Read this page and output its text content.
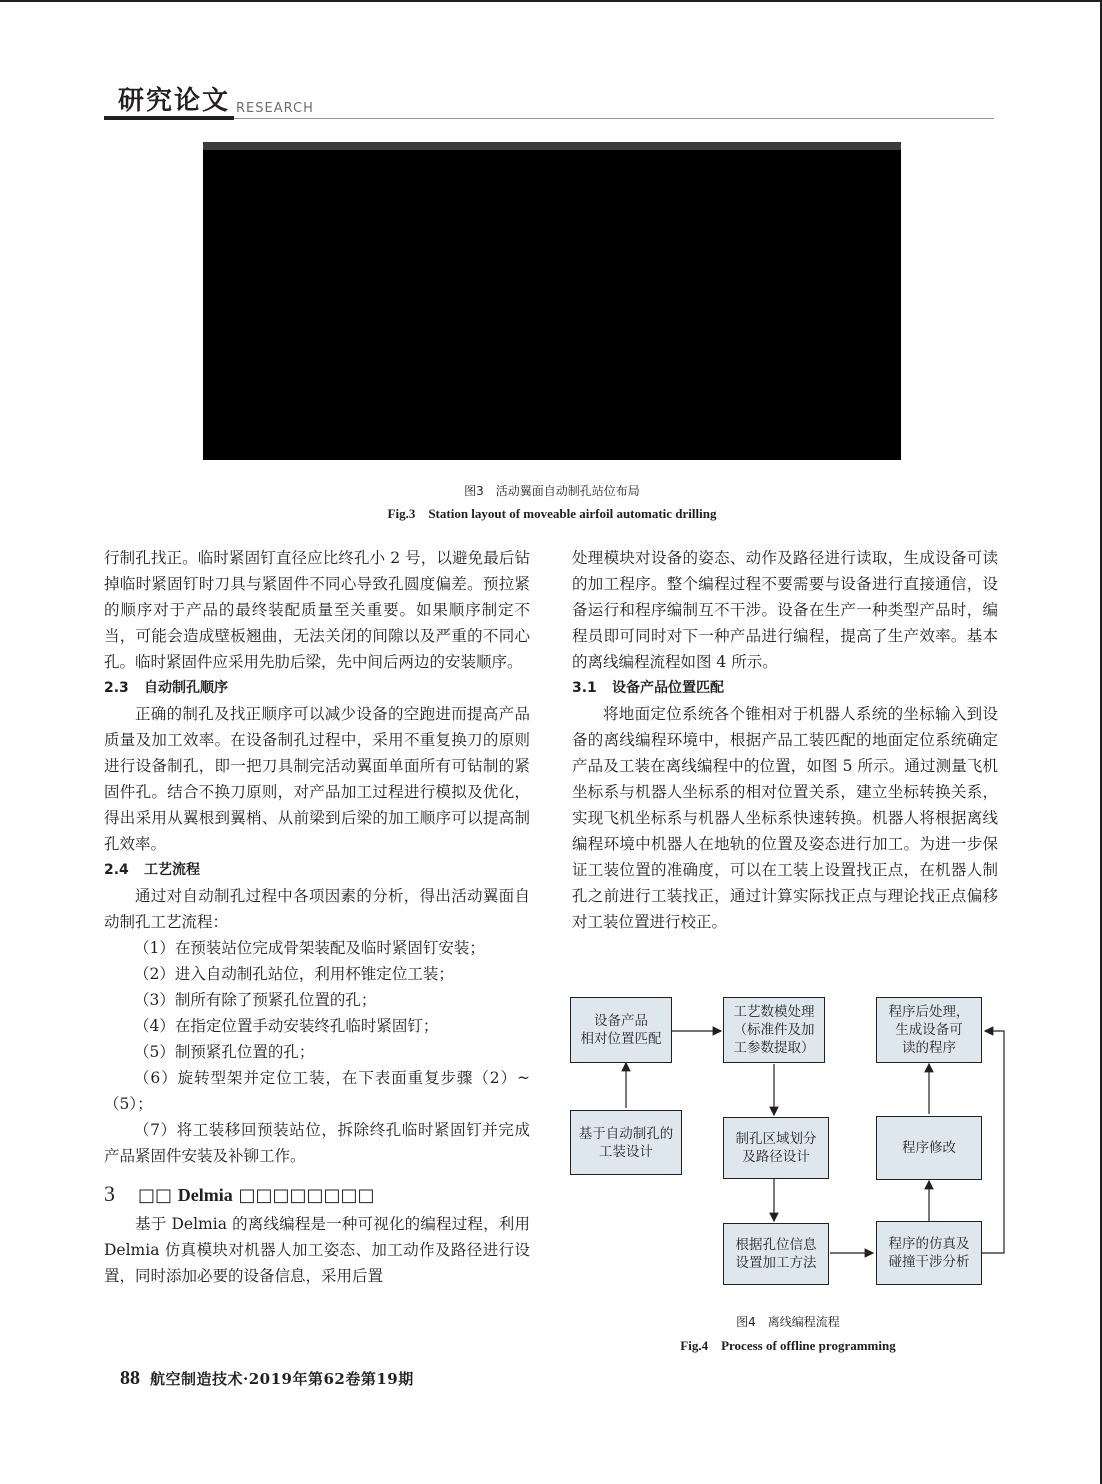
研究论文 RESEARCH
图3　活动翼面自动制孔站位布局
Fig.3　Station layout of moveable airfoil automatic drilling

行制孔找正。临时紧固钉直径应比终孔小 2 号，以避免最后钻掉临时紧固钉时刀具与紧固件不同心导致孔圆度偏差。预拉紧的顺序对于产品的最终装配质量至关重要。如果顺序制定不当，可能会造成壁板翘曲，无法关闭的间隙以及严重的不同心孔。临时紧固件应采用先肋后梁，先中间后两边的安装顺序。

2.3 自动制孔顺序

正确的制孔及找正顺序可以减少设备的空跑进而提高产品质量及加工效率。在设备制孔过程中，采用不重复换刀的原则进行设备制孔，即一把刀具制完活动翼面单面所有可钻制的紧固件孔。结合不换刀原则，对产品加工过程进行模拟及优化，得出采用从翼根到翼梢、从前梁到后梁的加工顺序可以提高制孔效率。

2.4 工艺流程

通过对自动制孔过程中各项因素的分析，得出活动翼面自动制孔工艺流程：

（1）在预装站位完成骨架装配及临时紧固钉安装；

（2）进入自动制孔站位，利用杯锥定位工装；

（3）制所有除了预紧孔位置的孔；

（4）在指定位置手动安装终孔临时紧固钉；

（5）制预紧孔位置的孔；

（6）旋转型架并定位工装，在下表面重复步骤（2）~（5）；

（7）将工装移回预装站位，拆除终孔临时紧固钉并完成产品紧固件安装及补铆工作。

3 □□ Delmia □□□□□□□□

基于 Delmia 的离线编程是一种可视化的编程过程，利用 Delmia 仿真模块对机器人加工姿态、加工动作及路径进行设置，同时添加必要的设备信息，采用后置

处理模块对设备的姿态、动作及路径进行读取，生成设备可读的加工程序。整个编程过程不要需要与设备进行直接通信，设备运行和程序编制互不干涉。设备在生产一种类型产品时，编程员即可同时对下一种产品进行编程，提高了生产效率。基本的离线编程流程如图 4 所示。

3.1 设备产品位置匹配

将地面定位系统各个锥相对于机器人系统的坐标输入到设备的离线编程环境中，根据产品工装匹配的地面定位系统确定产品及工装在离线编程中的位置，如图 5 所示。通过测量飞机坐标系与机器人坐标系的相对位置关系，建立坐标转换关系，实现飞机坐标系与机器人坐标系快速转换。机器人将根据离线编程环境中机器人在地轨的位置及姿态进行加工。为进一步保证工装位置的准确度，可以在工装上设置找正点，在机器人制孔之前进行工装找正，通过计算实际找正点与理论找正点偏移对工装位置进行校正。

设备产品
相对位置匹配
工艺数模处理
（标准件及加
工参数提取）
程序后处理，
生成设备可
读的程序
基于自动制孔的
工装设计
制孔区域划分
及路径设计
程序修改
根据孔位信息
设置加工方法
程序的仿真及
碰撞干涉分析
图4　离线编程流程
Fig.4　Process of offline programming
88 航空制造技术·2019年第62卷第19期
